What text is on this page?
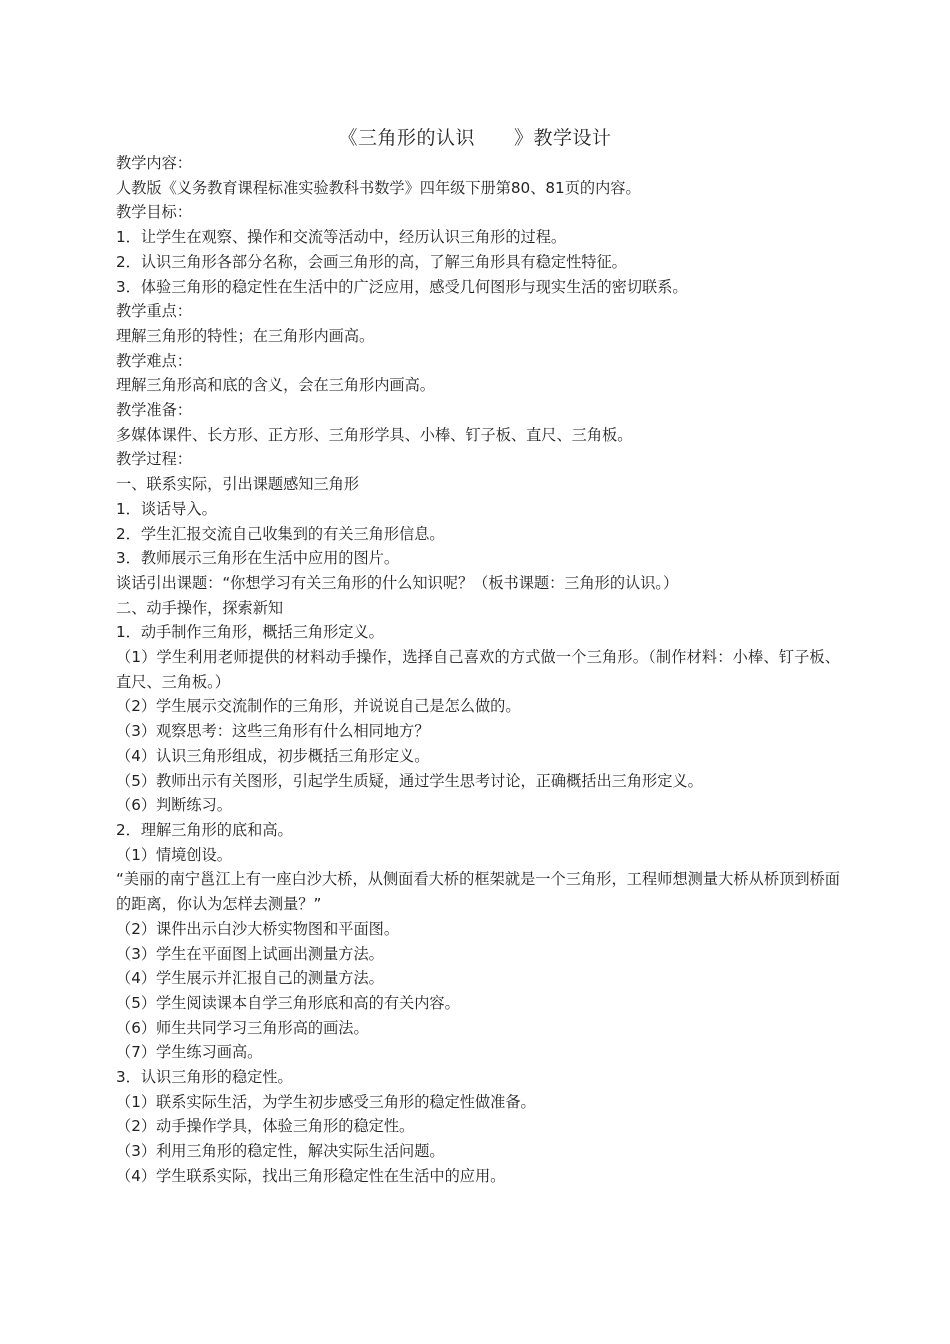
《三角形的认识　　》教学设计

教学内容：

人教版《义务教育课程标准实验教科书数学》四年级下册第80、81页的内容。

教学目标：

1．让学生在观察、操作和交流等活动中，经历认识三角形的过程。

2．认识三角形各部分名称，会画三角形的高，了解三角形具有稳定性特征。

3．体验三角形的稳定性在生活中的广泛应用，感受几何图形与现实生活的密切联系。

教学重点：

理解三角形的特性；在三角形内画高。

教学难点：

理解三角形高和底的含义，会在三角形内画高。

教学准备：

多媒体课件、长方形、正方形、三角形学具、小棒、钉子板、直尺、三角板。

教学过程：

一、联系实际，引出课题感知三角形

1．谈话导入。

2．学生汇报交流自己收集到的有关三角形信息。

3．教师展示三角形在生活中应用的图片。

谈话引出课题：“你想学习有关三角形的什么知识呢？（板书课题：三角形的认识。）

二、动手操作，探索新知

1．动手制作三角形，概括三角形定义。

（1）学生利用老师提供的材料动手操作，选择自己喜欢的方式做一个三角形。（制作材料：小棒、钉子板、直尺、三角板。）

（2）学生展示交流制作的三角形，并说说自己是怎么做的。

（3）观察思考：这些三角形有什么相同地方？

（4）认识三角形组成，初步概括三角形定义。

（5）教师出示有关图形，引起学生质疑，通过学生思考讨论，正确概括出三角形定义。

（6）判断练习。

2．理解三角形的底和高。

（1）情境创设。

“美丽的南宁邕江上有一座白沙大桥，从侧面看大桥的框架就是一个三角形，工程师想测量大桥从桥顶到桥面的距离，你认为怎样去测量？”

（2）课件出示白沙大桥实物图和平面图。

（3）学生在平面图上试画出测量方法。

（4）学生展示并汇报自己的测量方法。

（5）学生阅读课本自学三角形底和高的有关内容。

（6）师生共同学习三角形高的画法。

（7）学生练习画高。

3．认识三角形的稳定性。

（1）联系实际生活，为学生初步感受三角形的稳定性做准备。

（2）动手操作学具，体验三角形的稳定性。

（3）利用三角形的稳定性，解决实际生活问题。

（4）学生联系实际，找出三角形稳定性在生活中的应用。
